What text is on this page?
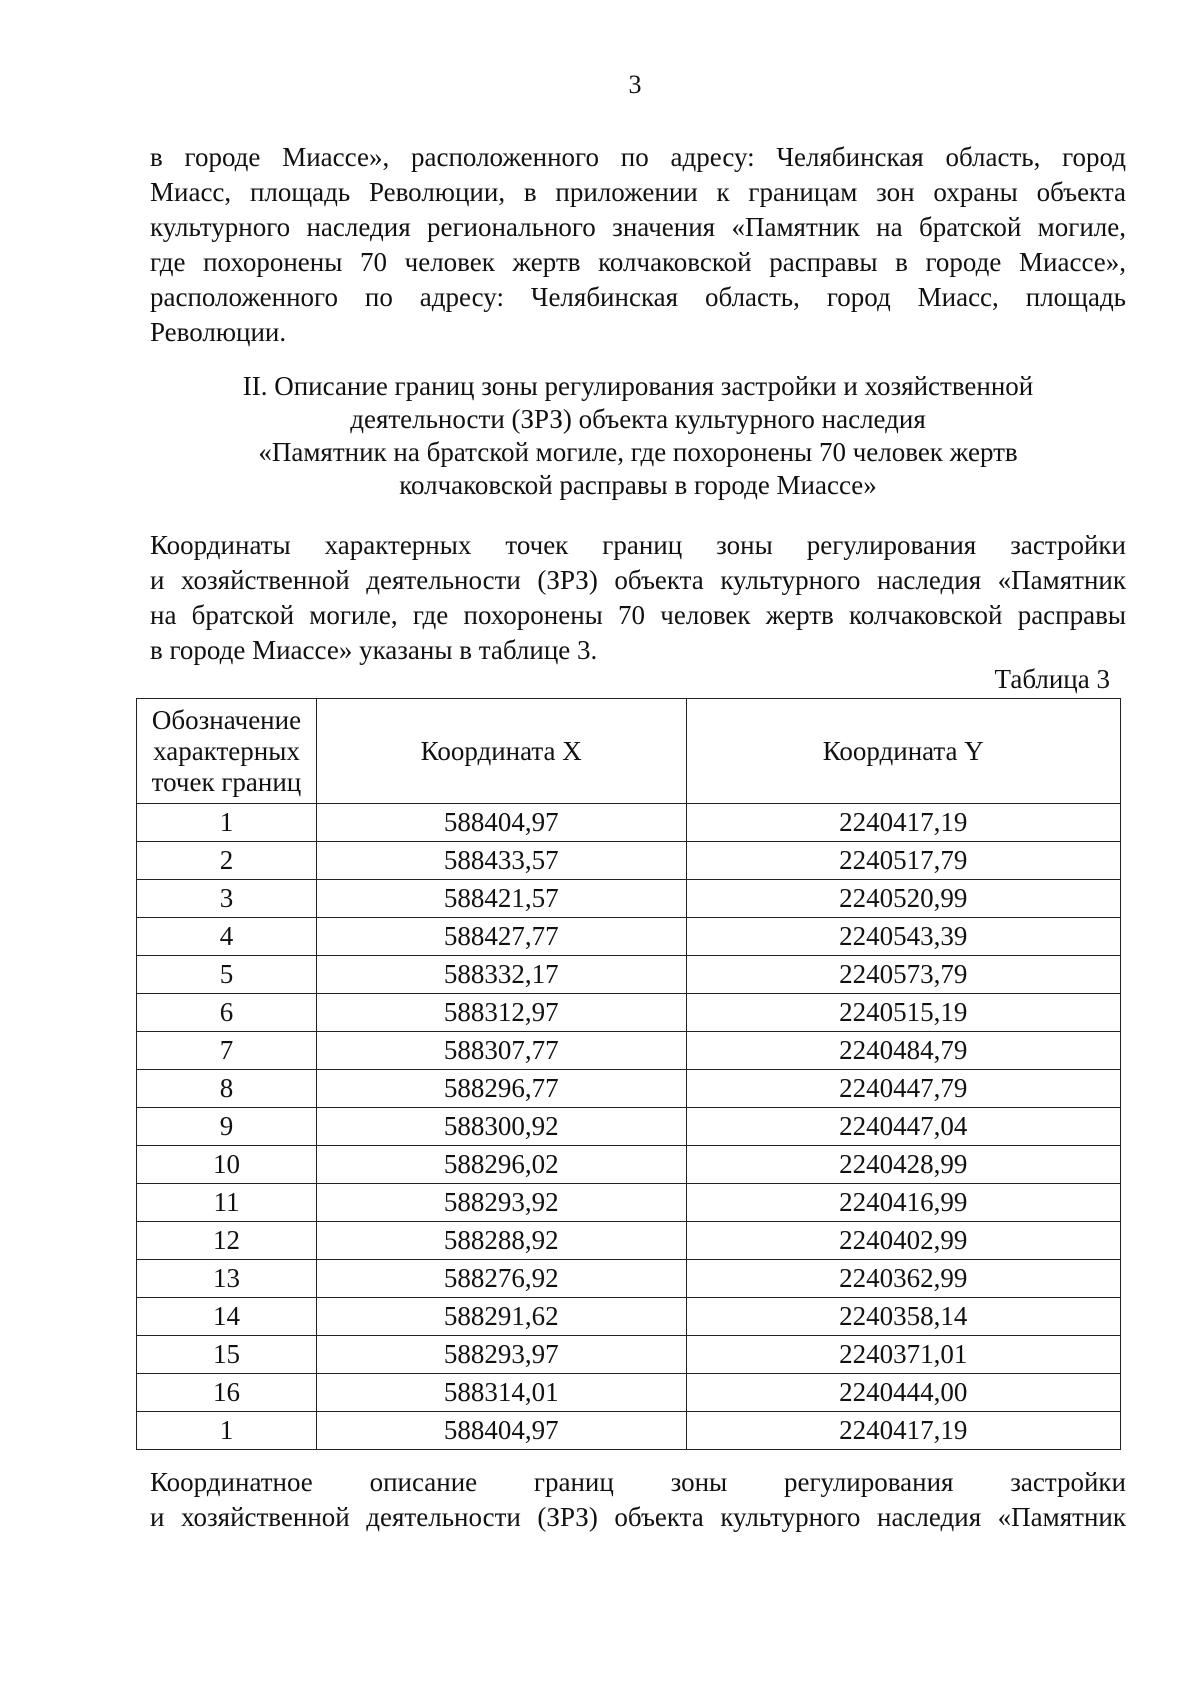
3
в городе Миассе», расположенного по адресу: Челябинская область, город
Миасс, площадь Революции, в приложении к границам зон охраны объекта
культурного наследия регионального значения «Памятник на братской могиле,
где похоронены 70 человек жертв колчаковской расправы в городе Миассе»,
расположенного по адресу: Челябинская область, город Миасс, площадь
Революции.
II. Описание границ зоны регулирования застройки и хозяйственной
деятельности (ЗРЗ) объекта культурного наследия
«Памятник на братской могиле, где похоронены 70 человек жертв
колчаковской расправы в городе Миассе»
Координаты характерных точек границ зоны регулирования застройки
и хозяйственной деятельности (ЗРЗ) объекта культурного наследия «Памятник
на братской могиле, где похоронены 70 человек жертв колчаковской расправы
в городе Миассе» указаны в таблице 3.
Таблица 3
Обозначение
характерных
точек границ	Координата X	Координата Y
1	588404,97	2240417,19
2	588433,57	2240517,79
3	588421,57	2240520,99
4	588427,77	2240543,39
5	588332,17	2240573,79
6	588312,97	2240515,19
7	588307,77	2240484,79
8	588296,77	2240447,79
9	588300,92	2240447,04
10	588296,02	2240428,99
11	588293,92	2240416,99
12	588288,92	2240402,99
13	588276,92	2240362,99
14	588291,62	2240358,14
15	588293,97	2240371,01
16	588314,01	2240444,00
1	588404,97	2240417,19
Координатное описание границ зоны регулирования застройки
и хозяйственной деятельности (ЗРЗ) объекта культурного наследия «Памятник
